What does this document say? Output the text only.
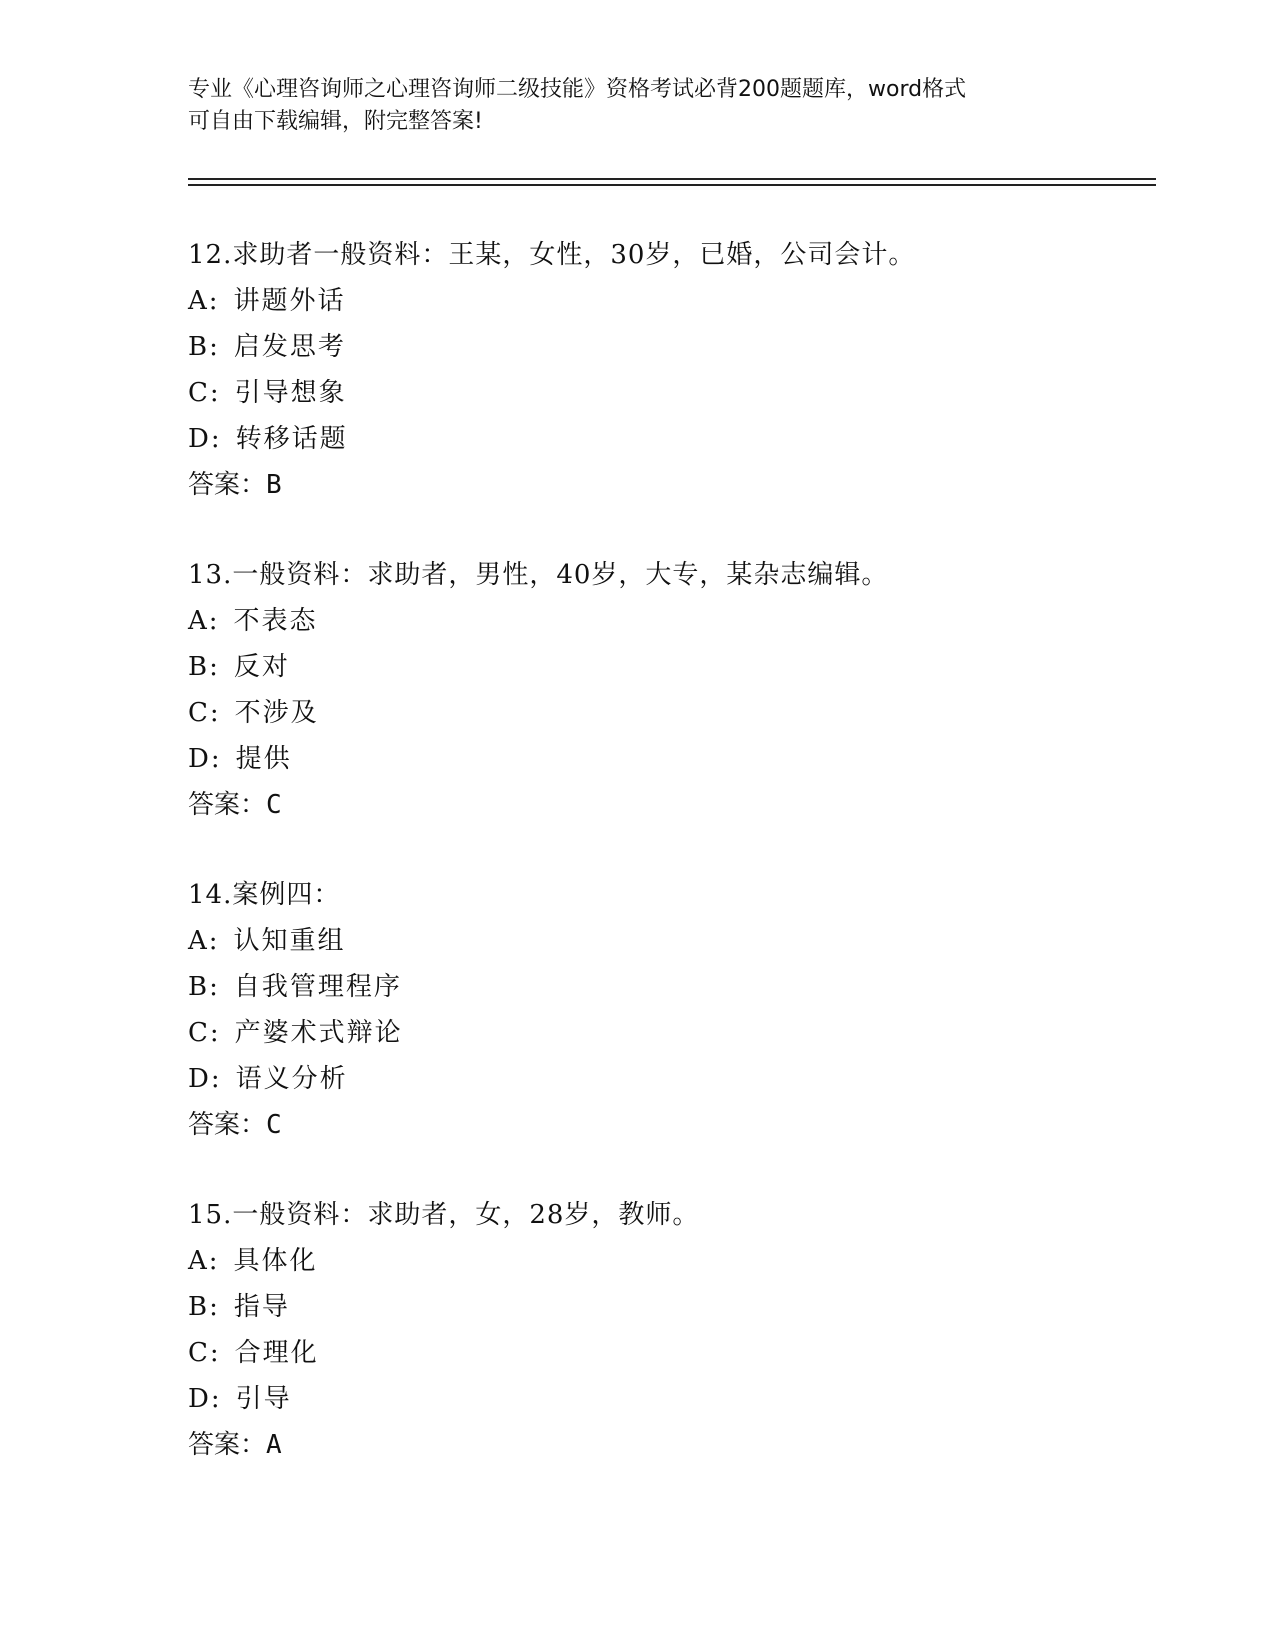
专业《心理咨询师之心理咨询师二级技能》资格考试必背200题题库，word格式
可自由下载编辑，附完整答案!
12.求助者一般资料：王某，女性，30岁，已婚，公司会计。
A: 讲题外话
B: 启发思考
C: 引导想象
D: 转移话题
答案：B
13.一般资料：求助者，男性，40岁，大专，某杂志编辑。
A: 不表态
B: 反对
C: 不涉及
D: 提供
答案：C
14.案例四：
A: 认知重组
B: 自我管理程序
C: 产婆术式辩论
D: 语义分析
答案：C
15.一般资料：求助者，女，28岁，教师。
A: 具体化
B: 指导
C: 合理化
D: 引导
答案：A
